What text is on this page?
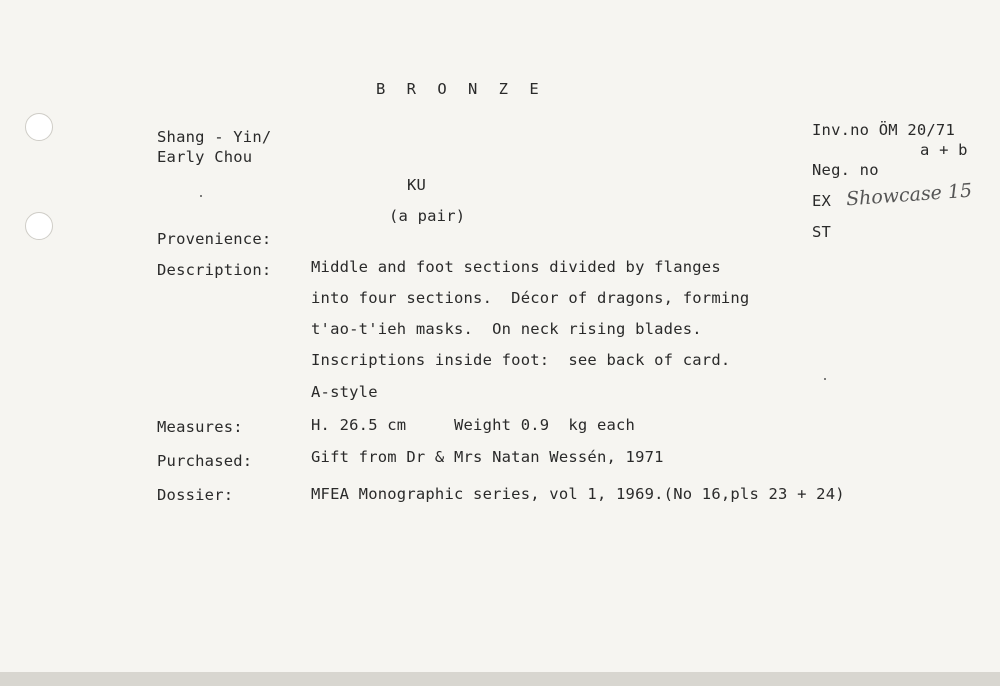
B R O N Z E
Shang - Yin/
Early Chou
KU
(a pair)
Inv.no ÖM 20/71
a + b
Neg. no
EX Showcase 15
ST
Provenience:
Description:	Middle and foot sections divided by flanges
into four sections.  Décor of dragons, forming
t'ao-t'ieh masks.  On neck rising blades.
Inscriptions inside foot:  see back of card.
A-style
Measures:	H. 26.5 cm     Weight 0.9  kg each
Purchased:	Gift from Dr & Mrs Natan Wessén, 1971
Dossier:	MFEA Monographic series, vol 1, 1969.(No 16,pls 23 + 24)
